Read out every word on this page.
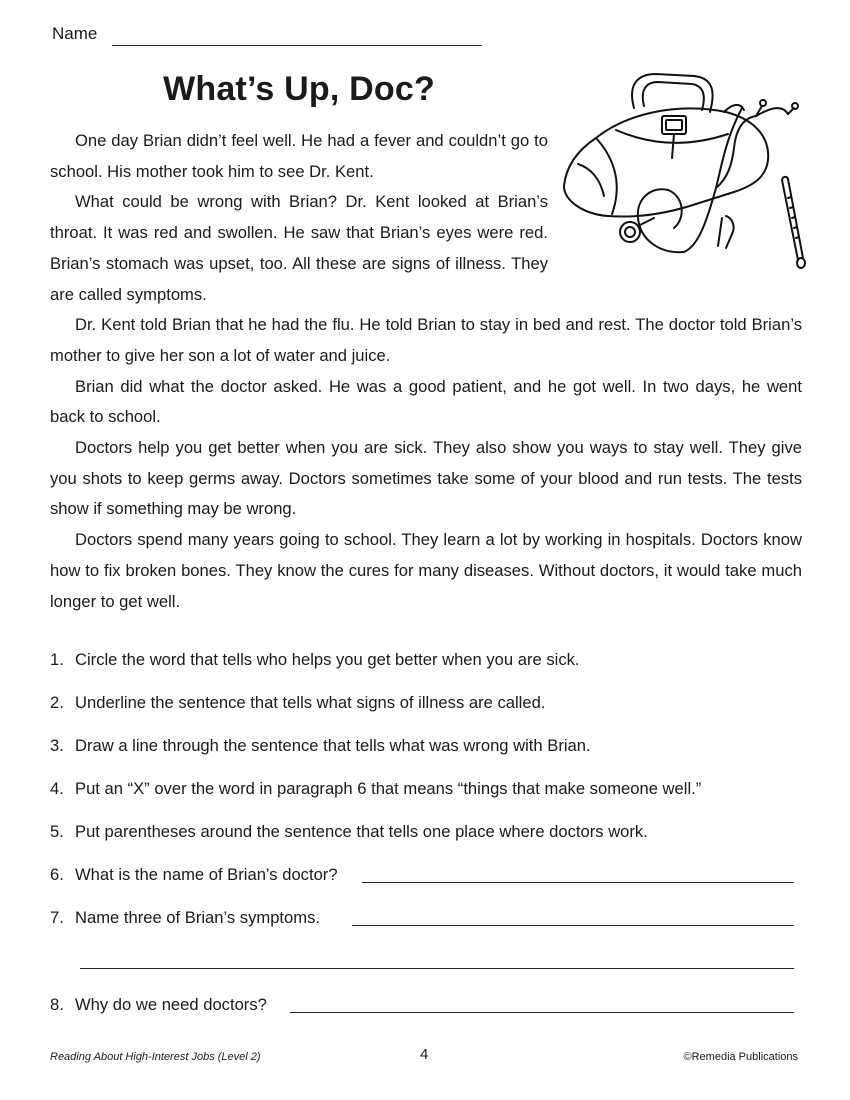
Name
What’s Up, Doc?

One day Brian didn’t feel well. He had a fever and couldn’t go to school. His mother took him to see Dr. Kent.

What could be wrong with Brian? Dr. Kent looked at Brian’s throat. It was red and swollen. He saw that Brian’s eyes were red. Brian’s stomach was upset, too. All these are signs of illness. They are called symptoms.

Dr. Kent told Brian that he had the flu. He told Brian to stay in bed and rest. The doctor told Brian’s mother to give her son a lot of water and juice.

Brian did what the doctor asked. He was a good patient, and he got well. In two days, he went back to school.

Doctors help you get better when you are sick. They also show you ways to stay well. They give you shots to keep germs away. Doctors sometimes take some of your blood and run tests. The tests show if something may be wrong.

Doctors spend many years going to school. They learn a lot by working in hospitals. Doctors know how to fix broken bones. They know the cures for many diseases. Without doctors, it would take much longer to get well.

1. Circle the word that tells who helps you get better when you are sick.
2. Underline the sentence that tells what signs of illness are called.
3. Draw a line through the sentence that tells what was wrong with Brian.
4. Put an “X” over the word in paragraph 6 that means “things that make someone well.”
5. Put parentheses around the sentence that tells one place where doctors work.
6. What is the name of Brian’s doctor?
7. Name three of Brian’s symptoms.
8. Why do we need doctors?
Reading About High-Interest Jobs (Level 2)	4	©Remedia Publications
